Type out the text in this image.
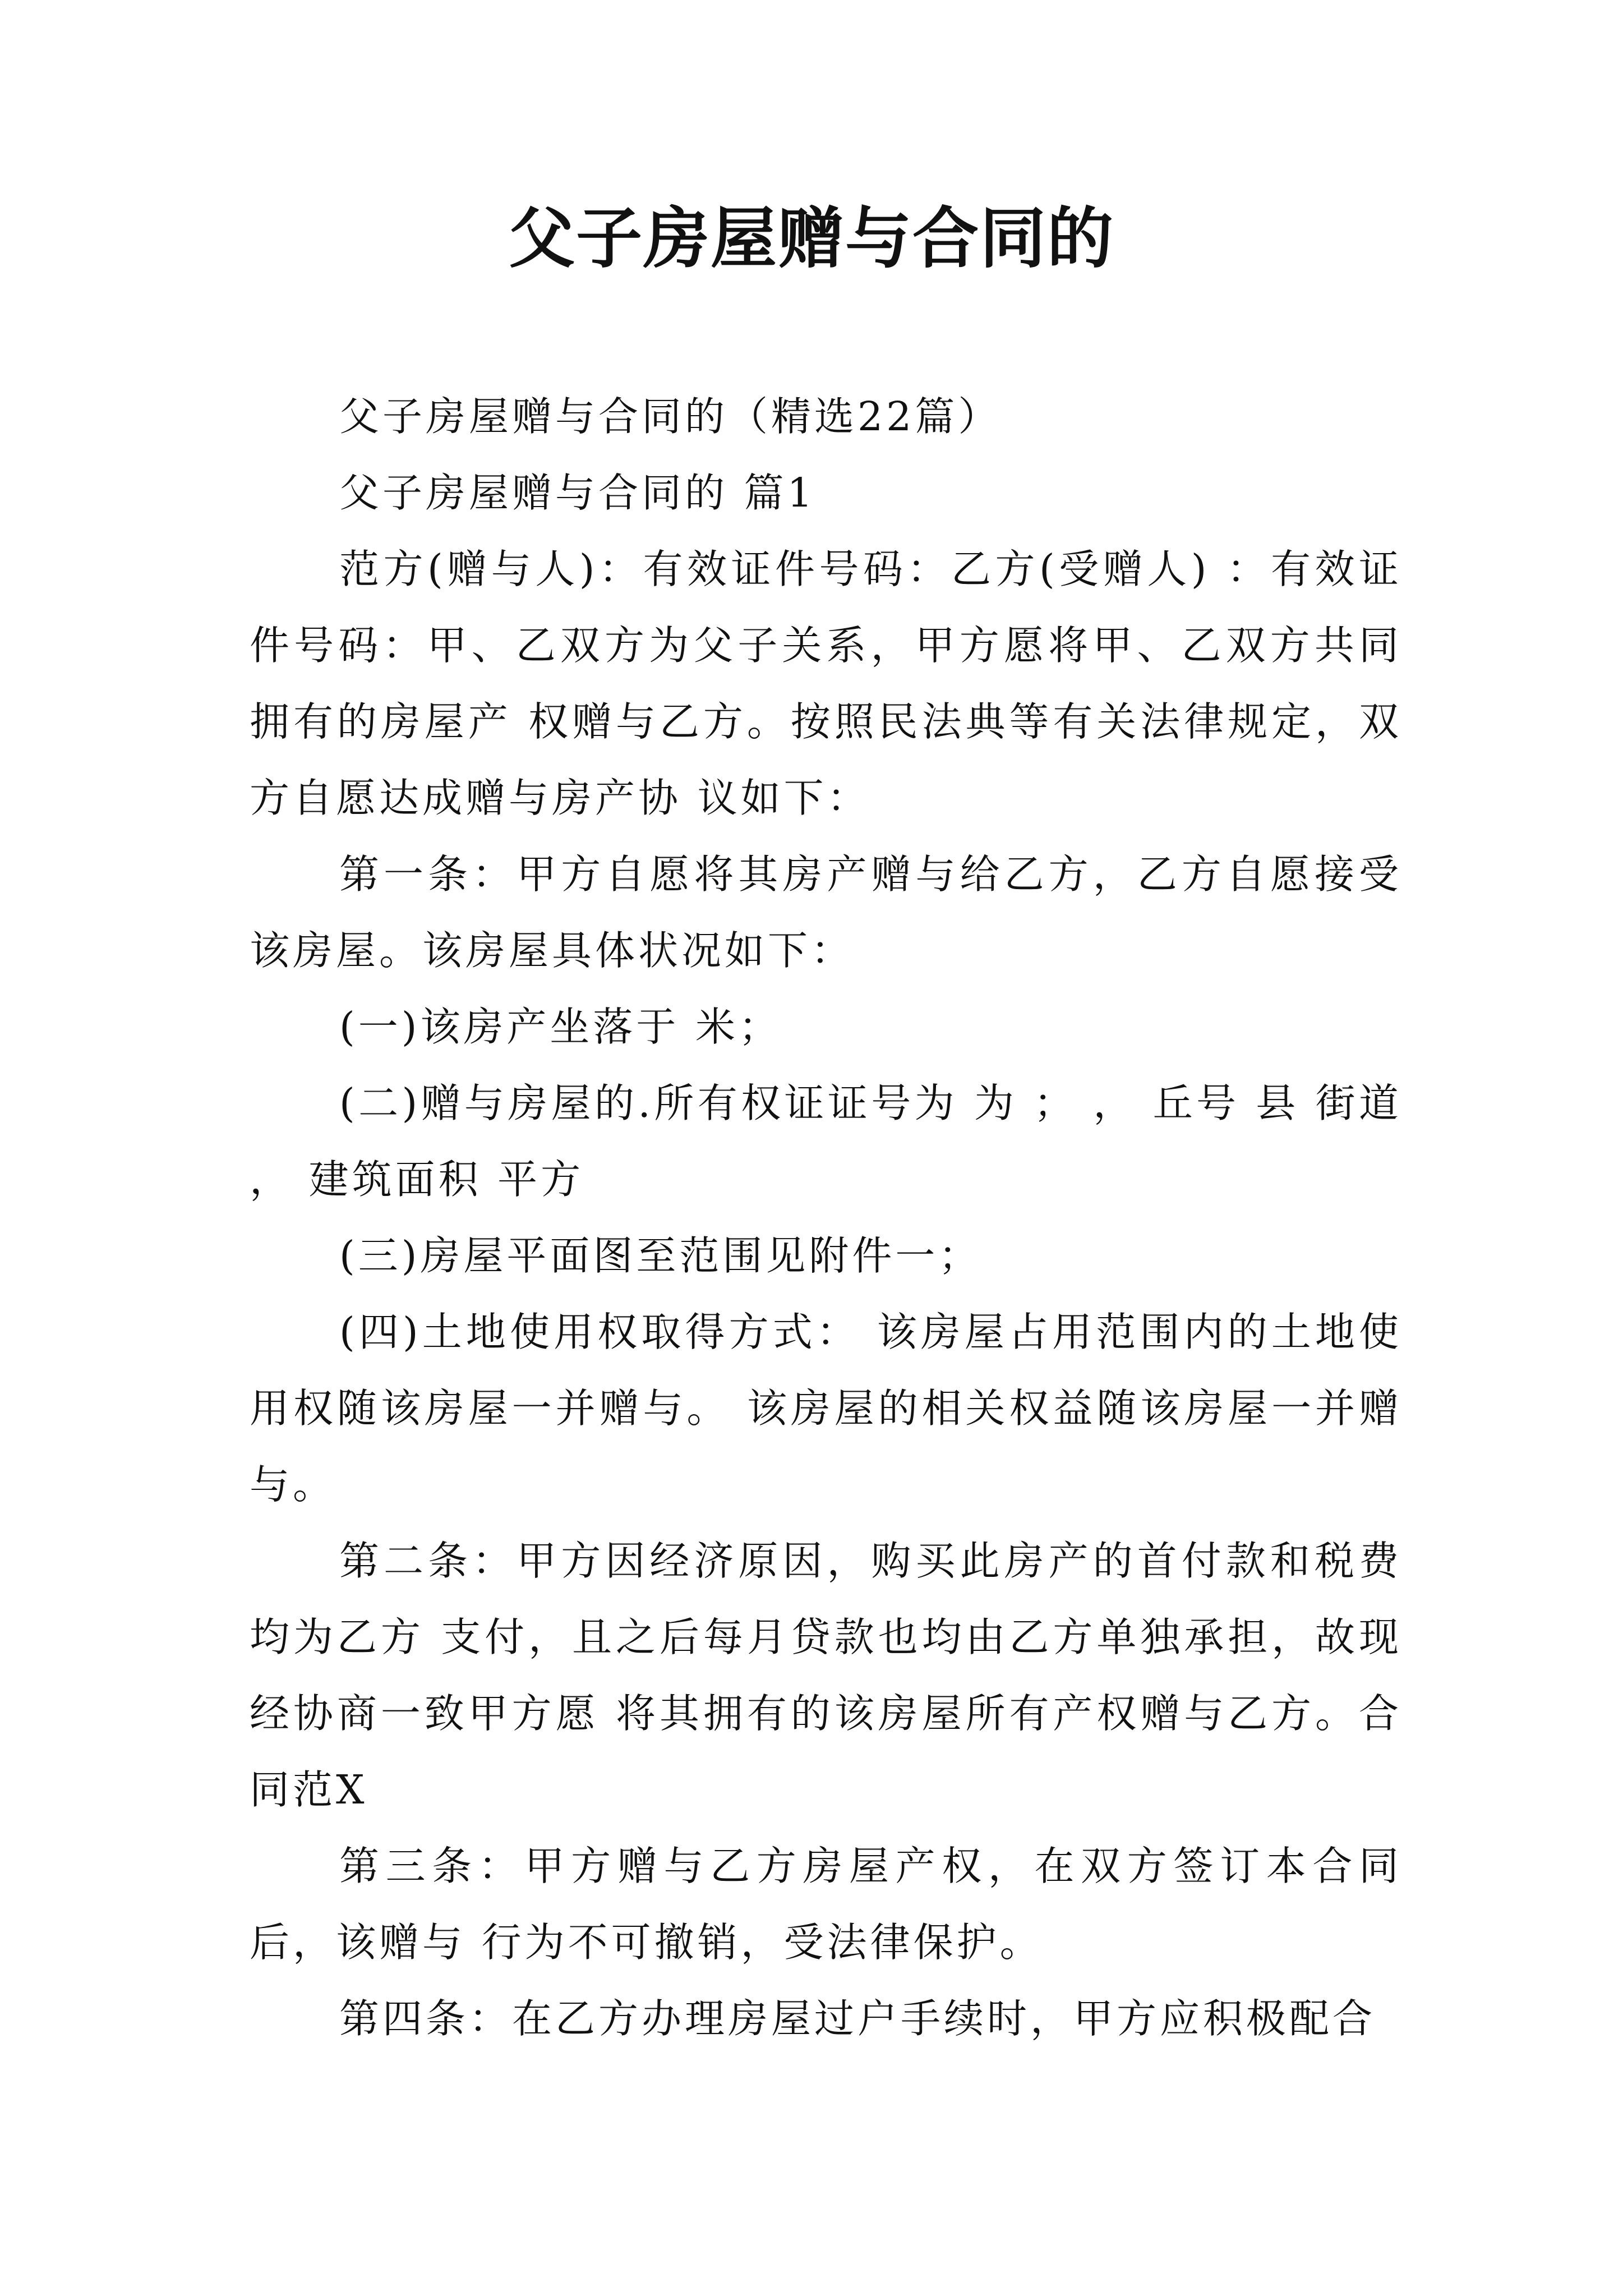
父子房屋赠与合同的

父子房屋赠与合同的（精选22篇）

父子房屋赠与合同的 篇1

范方(赠与人)：有效证件号码：乙方(受赠人) ：有效证件号码：甲、乙双方为父子关系，甲方愿将甲、乙双方共同拥有的房屋产 权赠与乙方。按照民法典等有关法律规定，双方自愿达成赠与房产协 议如下：

第一条：甲方自愿将其房产赠与给乙方，乙方自愿接受该房屋。该房屋具体状况如下：

(一)该房产坐落于 米；

(二)赠与房屋的.所有权证证号为 为 ； ， 丘号 县 街道 ， 建筑面积 平方

(三)房屋平面图至范围见附件一；

(四)土地使用权取得方式： 该房屋占用范围内的土地使用权随该房屋一并赠与。 该房屋的相关权益随该房屋一并赠与。

第二条：甲方因经济原因，购买此房产的首付款和税费均为乙方 支付，且之后每月贷款也均由乙方单独承担，故现经协商一致甲方愿 将其拥有的该房屋所有产权赠与乙方。合同范X

第三条：甲方赠与乙方房屋产权，在双方签订本合同后，该赠与 行为不可撤销，受法律保护。

第四条：在乙方办理房屋过户手续时，甲方应积极配合
